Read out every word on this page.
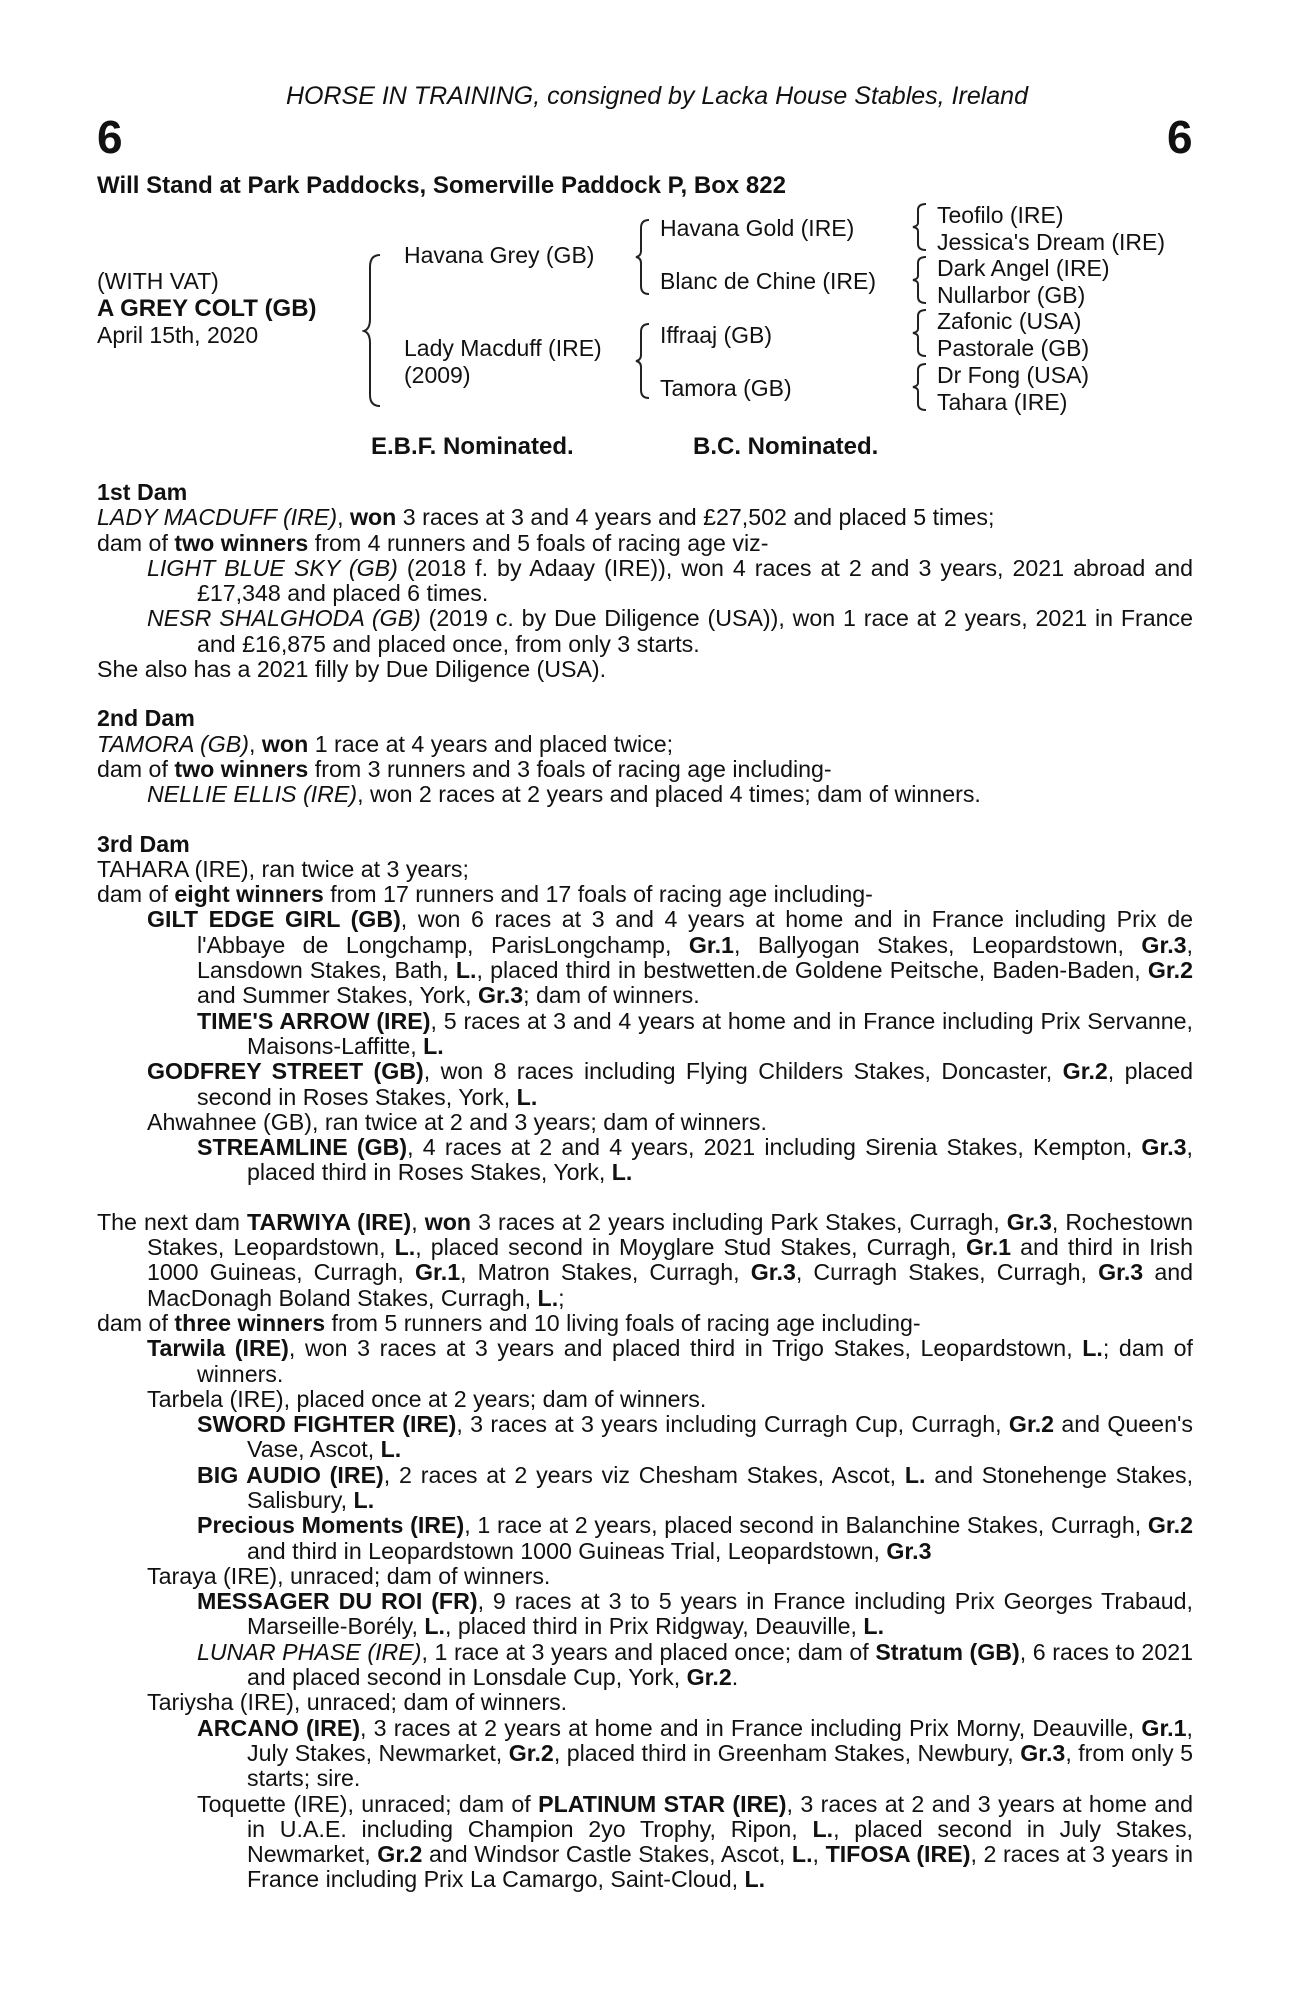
HORSE IN TRAINING, consigned by Lacka House Stables, Ireland
6	6
Will Stand at Park Paddocks, Somerville Paddock P, Box 822
(WITH VAT)
A GREY COLT (GB)
April 15th, 2020
Havana Grey (GB)
Lady Macduff (IRE)
(2009)
Havana Gold (IRE)
Blanc de Chine (IRE)
Iffraaj (GB)
Tamora (GB)
Teofilo (IRE)
Jessica's Dream (IRE)
Dark Angel (IRE)
Nullarbor (GB)
Zafonic (USA)
Pastorale (GB)
Dr Fong (USA)
Tahara (IRE)
E.B.F. Nominated.	B.C. Nominated.
1st Dam

LADY MACDUFF (IRE), won 3 races at 3 and 4 years and £27,502 and placed 5 times;

dam of two winners from 4 runners and 5 foals of racing age viz-

LIGHT BLUE SKY (GB) (2018 f. by Adaay (IRE)), won 4 races at 2 and 3 years, 2021 abroad and £17,348 and placed 6 times.

NESR SHALGHODA (GB) (2019 c. by Due Diligence (USA)), won 1 race at 2 years, 2021 in France and £16,875 and placed once, from only 3 starts.

She also has a 2021 filly by Due Diligence (USA).

2nd Dam

TAMORA (GB), won 1 race at 4 years and placed twice;

dam of two winners from 3 runners and 3 foals of racing age including-

NELLIE ELLIS (IRE), won 2 races at 2 years and placed 4 times; dam of winners.

3rd Dam

TAHARA (IRE), ran twice at 3 years;

dam of eight winners from 17 runners and 17 foals of racing age including-

GILT EDGE GIRL (GB), won 6 races at 3 and 4 years at home and in France including Prix de l'Abbaye de Longchamp, ParisLongchamp, Gr.1, Ballyogan Stakes, Leopardstown, Gr.3, Lansdown Stakes, Bath, L., placed third in bestwetten.de Goldene Peitsche, Baden-Baden, Gr.2 and Summer Stakes, York, Gr.3; dam of winners.

TIME'S ARROW (IRE), 5 races at 3 and 4 years at home and in France including Prix Servanne, Maisons-Laffitte, L.

GODFREY STREET (GB), won 8 races including Flying Childers Stakes, Doncaster, Gr.2, placed second in Roses Stakes, York, L.

Ahwahnee (GB), ran twice at 2 and 3 years; dam of winners.

STREAMLINE (GB), 4 races at 2 and 4 years, 2021 including Sirenia Stakes, Kempton, Gr.3, placed third in Roses Stakes, York, L.

The next dam TARWIYA (IRE), won 3 races at 2 years including Park Stakes, Curragh, Gr.3, Rochestown Stakes, Leopardstown, L., placed second in Moyglare Stud Stakes, Curragh, Gr.1 and third in Irish 1000 Guineas, Curragh, Gr.1, Matron Stakes, Curragh, Gr.3, Curragh Stakes, Curragh, Gr.3 and MacDonagh Boland Stakes, Curragh, L.;

dam of three winners from 5 runners and 10 living foals of racing age including-

Tarwila (IRE), won 3 races at 3 years and placed third in Trigo Stakes, Leopardstown, L.; dam of winners.

Tarbela (IRE), placed once at 2 years; dam of winners.

SWORD FIGHTER (IRE), 3 races at 3 years including Curragh Cup, Curragh, Gr.2 and Queen's Vase, Ascot, L.

BIG AUDIO (IRE), 2 races at 2 years viz Chesham Stakes, Ascot, L. and Stonehenge Stakes, Salisbury, L.

Precious Moments (IRE), 1 race at 2 years, placed second in Balanchine Stakes, Curragh, Gr.2 and third in Leopardstown 1000 Guineas Trial, Leopardstown, Gr.3

Taraya (IRE), unraced; dam of winners.

MESSAGER DU ROI (FR), 9 races at 3 to 5 years in France including Prix Georges Trabaud, Marseille-Borély, L., placed third in Prix Ridgway, Deauville, L.

LUNAR PHASE (IRE), 1 race at 3 years and placed once; dam of Stratum (GB), 6 races to 2021 and placed second in Lonsdale Cup, York, Gr.2.

Tariysha (IRE), unraced; dam of winners.

ARCANO (IRE), 3 races at 2 years at home and in France including Prix Morny, Deauville, Gr.1, July Stakes, Newmarket, Gr.2, placed third in Greenham Stakes, Newbury, Gr.3, from only 5 starts; sire.

Toquette (IRE), unraced; dam of PLATINUM STAR (IRE), 3 races at 2 and 3 years at home and in U.A.E. including Champion 2yo Trophy, Ripon, L., placed second in July Stakes, Newmarket, Gr.2 and Windsor Castle Stakes, Ascot, L., TIFOSA (IRE), 2 races at 3 years in France including Prix La Camargo, Saint-Cloud, L.
